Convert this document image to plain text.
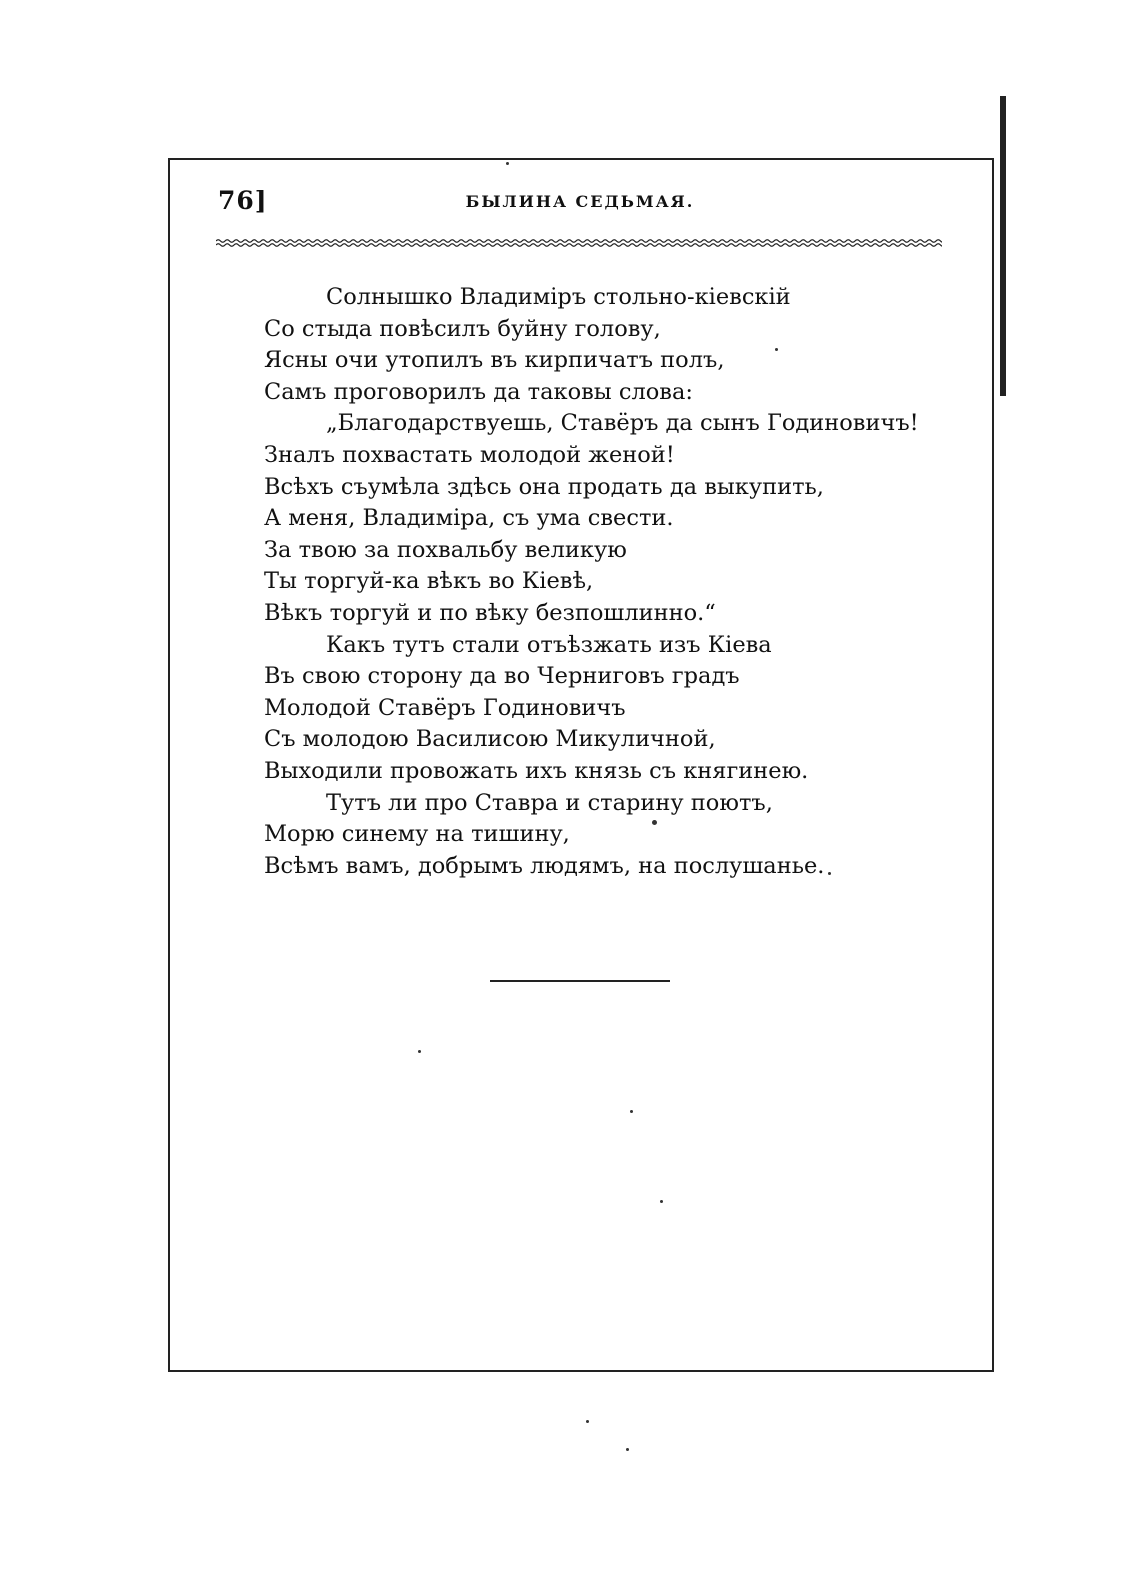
76]	БЫЛИНА СЕДЬМАЯ.
Солнышко Владиміръ стольно-кіевскій
Со стыда повѣсилъ буйну голову,
Ясны очи утопилъ въ кирпичатъ полъ,
Самъ проговорилъ да таковы слова:
„Благодарствуешь, Ставёръ да сынъ Годиновичъ!
Зналъ похвастать молодой женой!
Всѣхъ съумѣла здѣсь она продать да выкупить,
А меня, Владиміра, съ ума свести.
За твою за похвальбу великую
Ты торгуй-ка вѣкъ во Кіевѣ,
Вѣкъ торгуй и по вѣку безпошлинно.“
Какъ тутъ стали отъѣзжать изъ Кіева
Въ свою сторону да во Черниговъ градъ
Молодой Ставёръ Годиновичъ
Съ молодою Василисою Микуличной,
Выходили провожать ихъ князь съ княгинею.
Тутъ ли про Ставра и старину поютъ,
Морю синему на тишину,
Всѣмъ вамъ, добрымъ людямъ, на послушанье.
